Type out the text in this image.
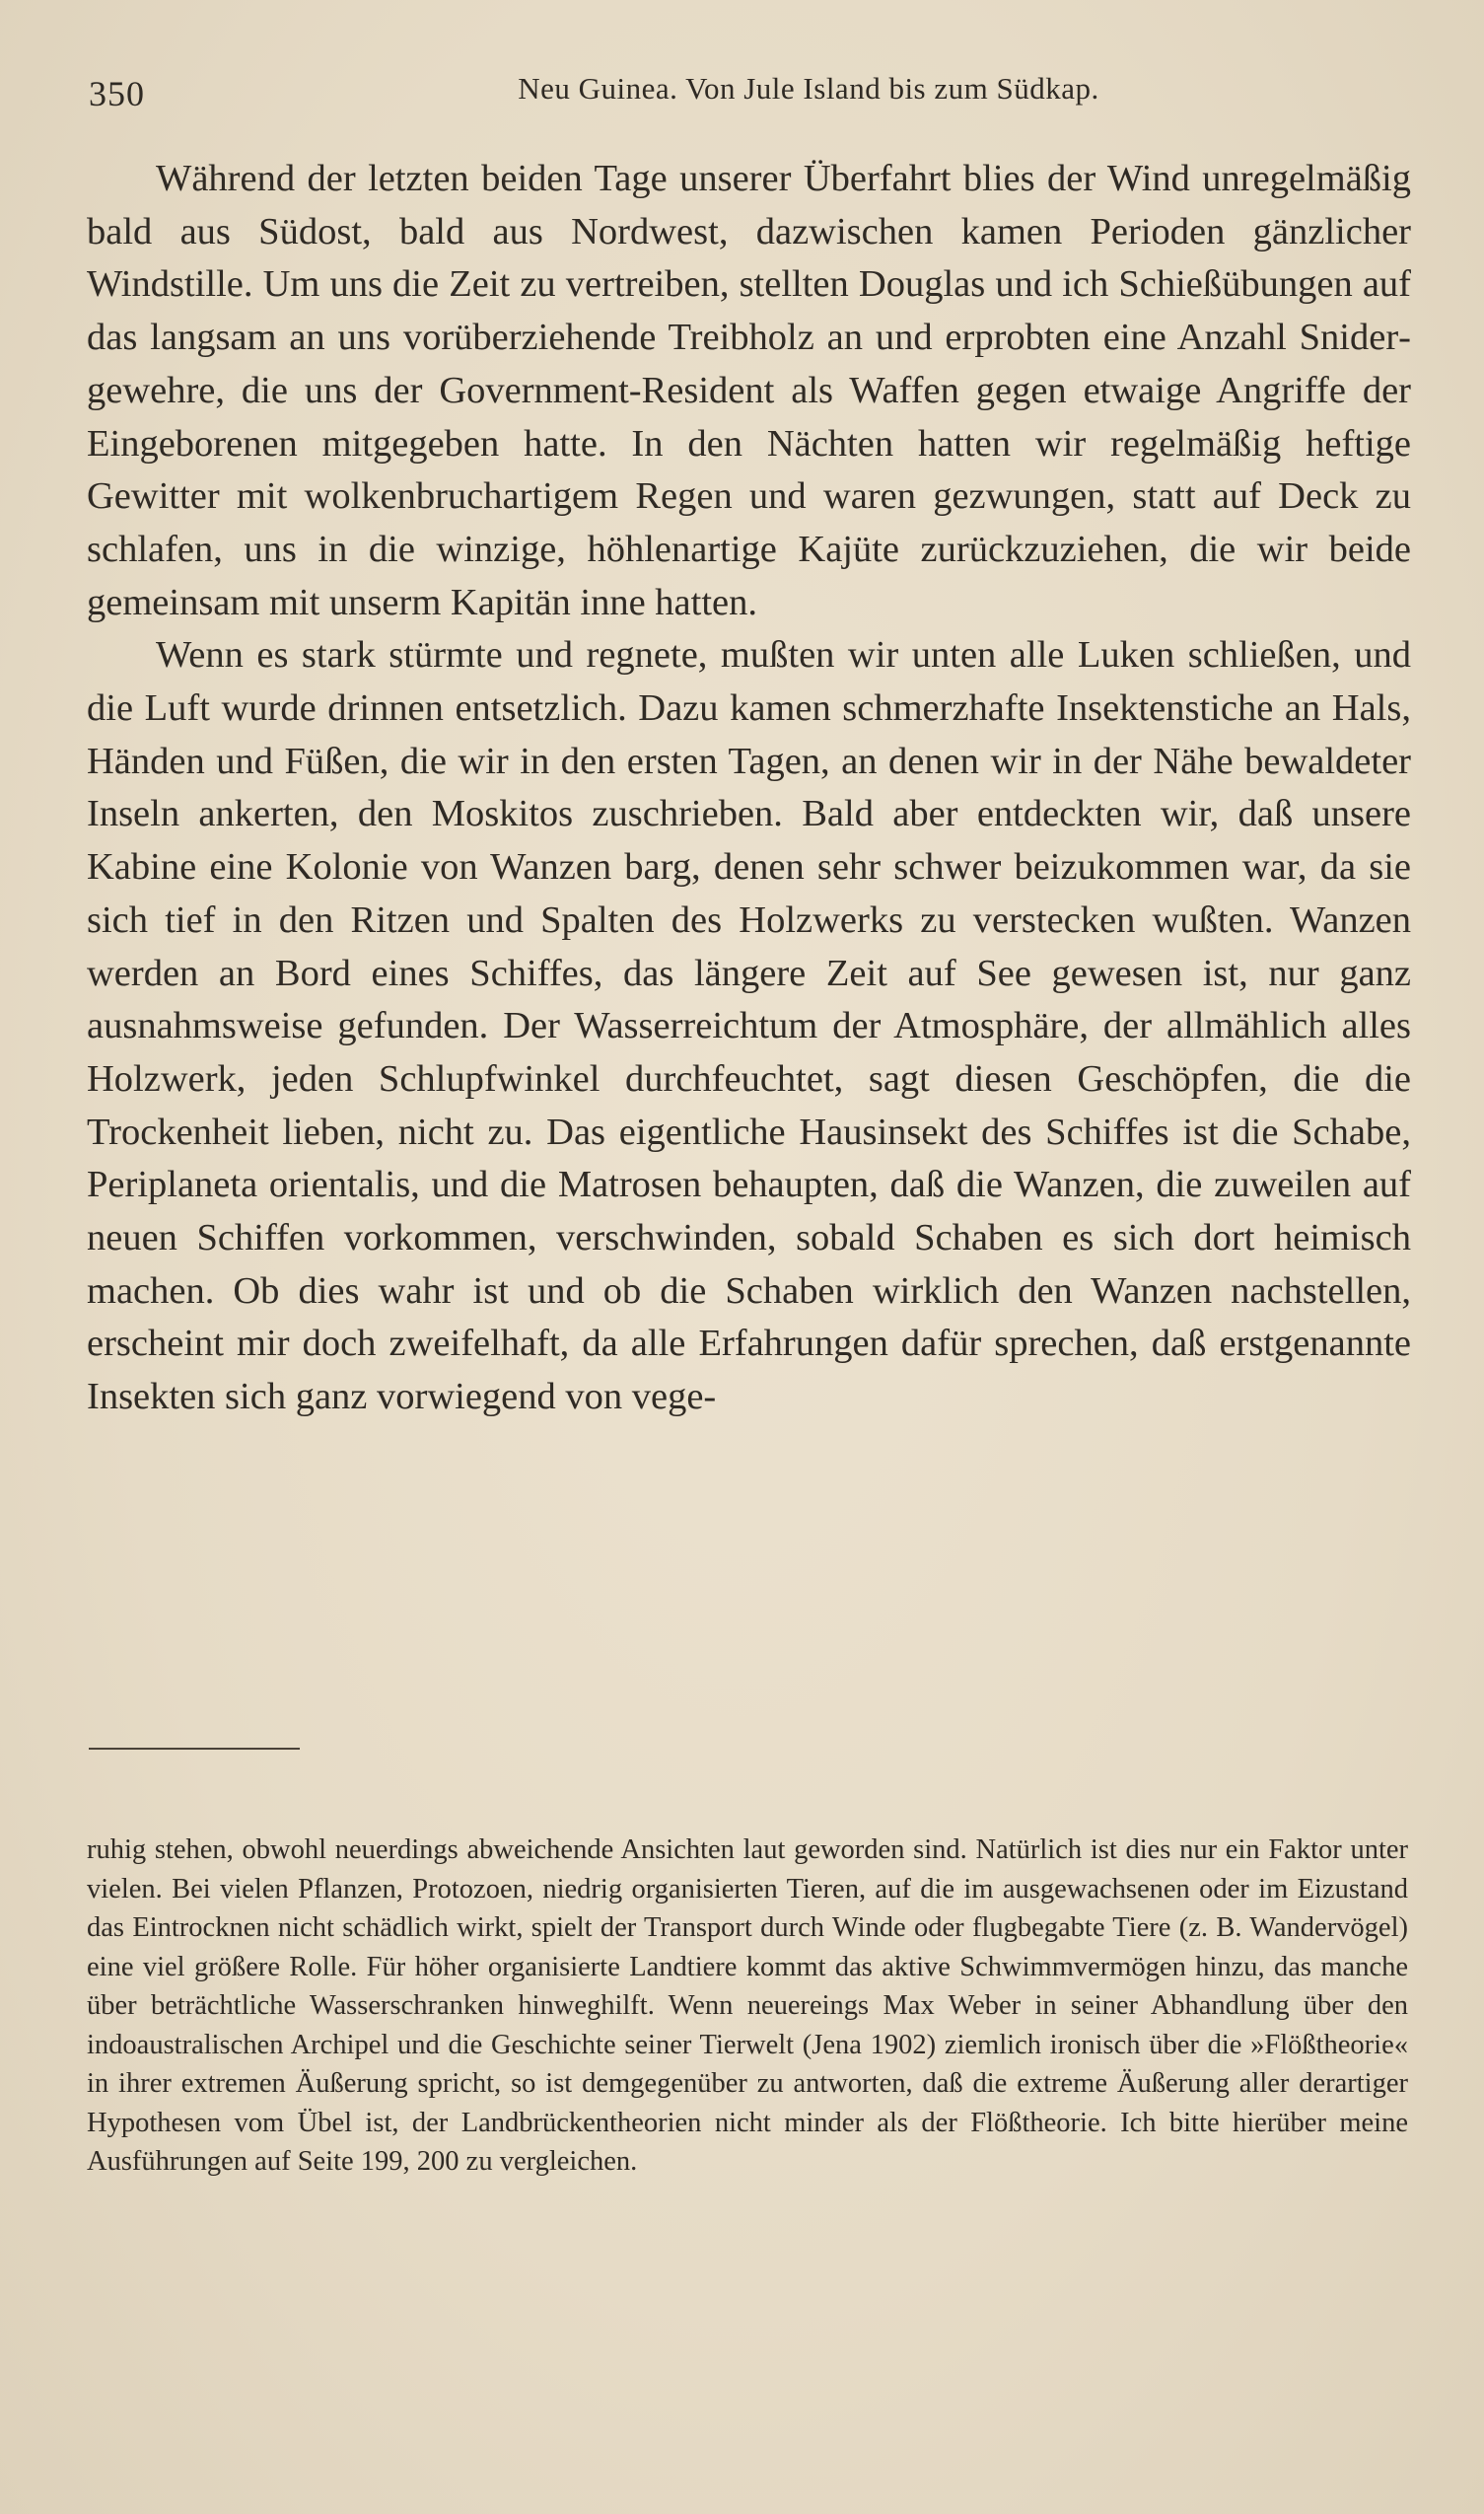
350	Neu Guinea. Von Jule Island bis zum Südkap.

Während der letzten beiden Tage unserer Überfahrt blies der Wind unregelmäßig bald aus Südost, bald aus Nordwest, dazwischen kamen Perioden gänzlicher Windstille. Um uns die Zeit zu vertreiben, stellten Douglas und ich Schießübungen auf das langsam an uns vorüberziehende Treibholz an und erprobten eine Anzahl Snidergewehre, die uns der Government-Resident als Waffen gegen etwaige Angriffe der Eingeborenen mitgegeben hatte. In den Nächten hatten wir regelmäßig heftige Gewitter mit wolkenbruchartigem Regen und waren gezwungen, statt auf Deck zu schlafen, uns in die winzige, höhlenartige Kajüte zurückzuziehen, die wir beide gemeinsam mit unserm Kapitän inne hatten.

Wenn es stark stürmte und regnete, mußten wir unten alle Luken schließen, und die Luft wurde drinnen entsetzlich. Dazu kamen schmerzhafte Insektenstiche an Hals, Händen und Füßen, die wir in den ersten Tagen, an denen wir in der Nähe bewaldeter Inseln ankerten, den Moskitos zuschrieben. Bald aber entdeckten wir, daß unsere Kabine eine Kolonie von Wanzen barg, denen sehr schwer beizukommen war, da sie sich tief in den Ritzen und Spalten des Holzwerks zu verstecken wußten. Wanzen werden an Bord eines Schiffes, das längere Zeit auf See gewesen ist, nur ganz ausnahmsweise gefunden. Der Wasserreichtum der Atmosphäre, der allmählich alles Holzwerk, jeden Schlupfwinkel durchfeuchtet, sagt diesen Geschöpfen, die die Trockenheit lieben, nicht zu. Das eigentliche Hausinsekt des Schiffes ist die Schabe, Periplaneta orientalis, und die Matrosen behaupten, daß die Wanzen, die zuweilen auf neuen Schiffen vorkommen, verschwinden, sobald Schaben es sich dort heimisch machen. Ob dies wahr ist und ob die Schaben wirklich den Wanzen nachstellen, erscheint mir doch zweifelhaft, da alle Erfahrungen dafür sprechen, daß erstgenannte Insekten sich ganz vorwiegend von vege-

ruhig stehen, obwohl neuerdings abweichende Ansichten laut geworden sind. Natürlich ist dies nur ein Faktor unter vielen. Bei vielen Pflanzen, Protozoen, niedrig organisierten Tieren, auf die im ausgewachsenen oder im Eizustand das Eintrocknen nicht schädlich wirkt, spielt der Transport durch Winde oder flugbegabte Tiere (z. B. Wandervögel) eine viel größere Rolle. Für höher organisierte Landtiere kommt das aktive Schwimmvermögen hinzu, das manche über beträchtliche Wasserschranken hinweghilft. Wenn neuereings Max Weber in seiner Abhandlung über den indoaustralischen Archipel und die Geschichte seiner Tierwelt (Jena 1902) ziemlich ironisch über die »Flößtheorie« in ihrer extremen Äußerung spricht, so ist demgegenüber zu antworten, daß die extreme Äußerung aller derartiger Hypothesen vom Übel ist, der Landbrückentheorien nicht minder als der Flößtheorie. Ich bitte hierüber meine Ausführungen auf Seite 199, 200 zu vergleichen.
